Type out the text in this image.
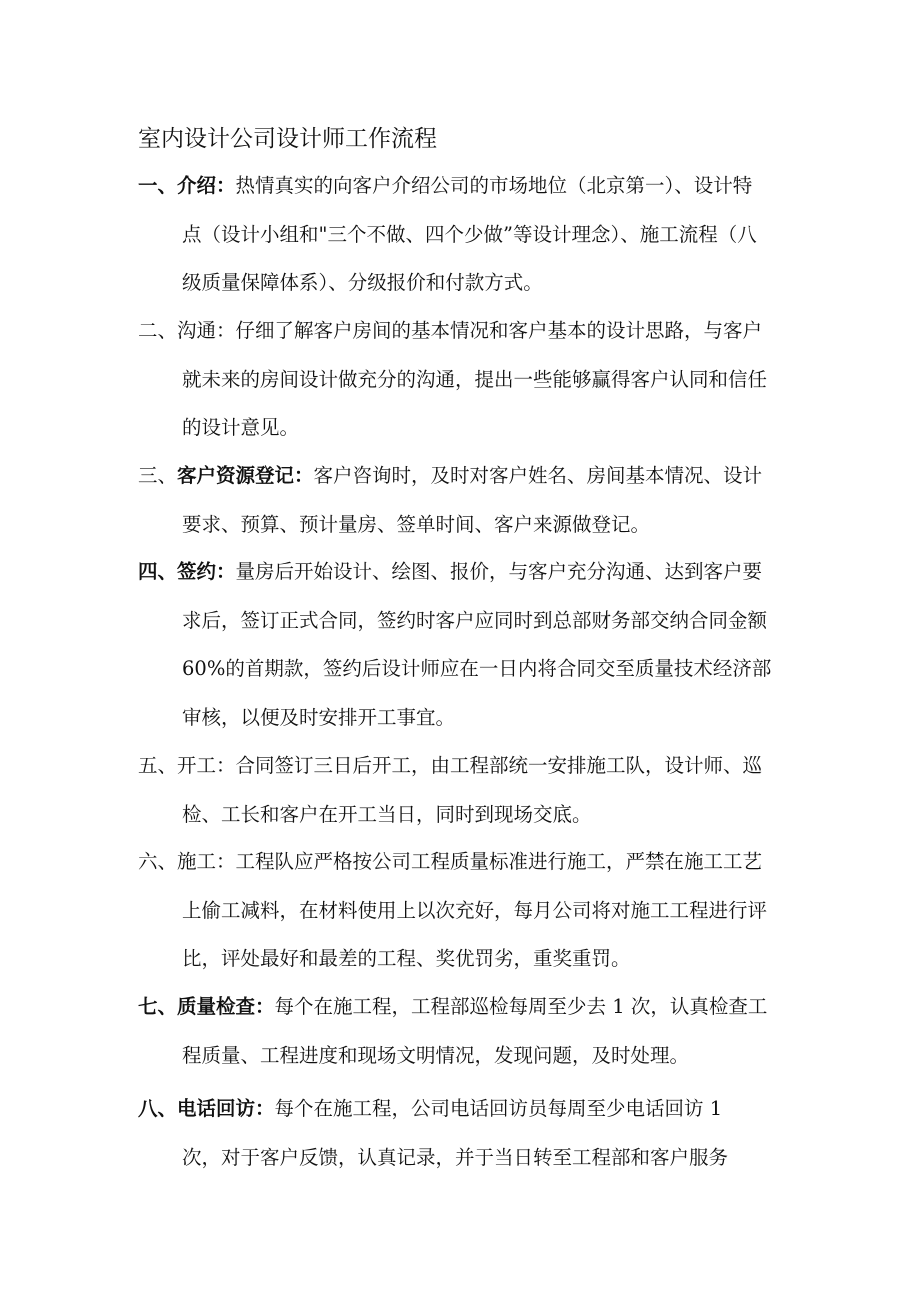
室内设计公司设计师工作流程
一、介绍：热情真实的向客户介绍公司的市场地位（北京第一）、设计特
点（设计小组和"三个不做、四个少做”等设计理念）、施工流程（八
级质量保障体系）、分级报价和付款方式。
二、沟通：仔细了解客户房间的基本情况和客户基本的设计思路，与客户
就未来的房间设计做充分的沟通，提出一些能够赢得客户认同和信任
的设计意见。
三、客户资源登记：客户咨询时，及时对客户姓名、房间基本情况、设计
要求、预算、预计量房、签单时间、客户来源做登记。
四、签约：量房后开始设计、绘图、报价，与客户充分沟通、达到客户要
求后，签订正式合同，签约时客户应同时到总部财务部交纳合同金额
60%的首期款，签约后设计师应在一日内将合同交至质量技术经济部
审核，以便及时安排开工事宜。
五、开工：合同签订三日后开工，由工程部统一安排施工队，设计师、巡
检、工长和客户在开工当日，同时到现场交底。
六、施工：工程队应严格按公司工程质量标准进行施工，严禁在施工工艺
上偷工减料，在材料使用上以次充好，每月公司将对施工工程进行评
比，评处最好和最差的工程、奖优罚劣，重奖重罚。
七、质量检查：每个在施工程，工程部巡检每周至少去 1 次，认真检查工
程质量、工程进度和现场文明情况，发现问题，及时处理。
八、电话回访：每个在施工程，公司电话回访员每周至少电话回访 1
次，对于客户反馈，认真记录，并于当日转至工程部和客户服务
